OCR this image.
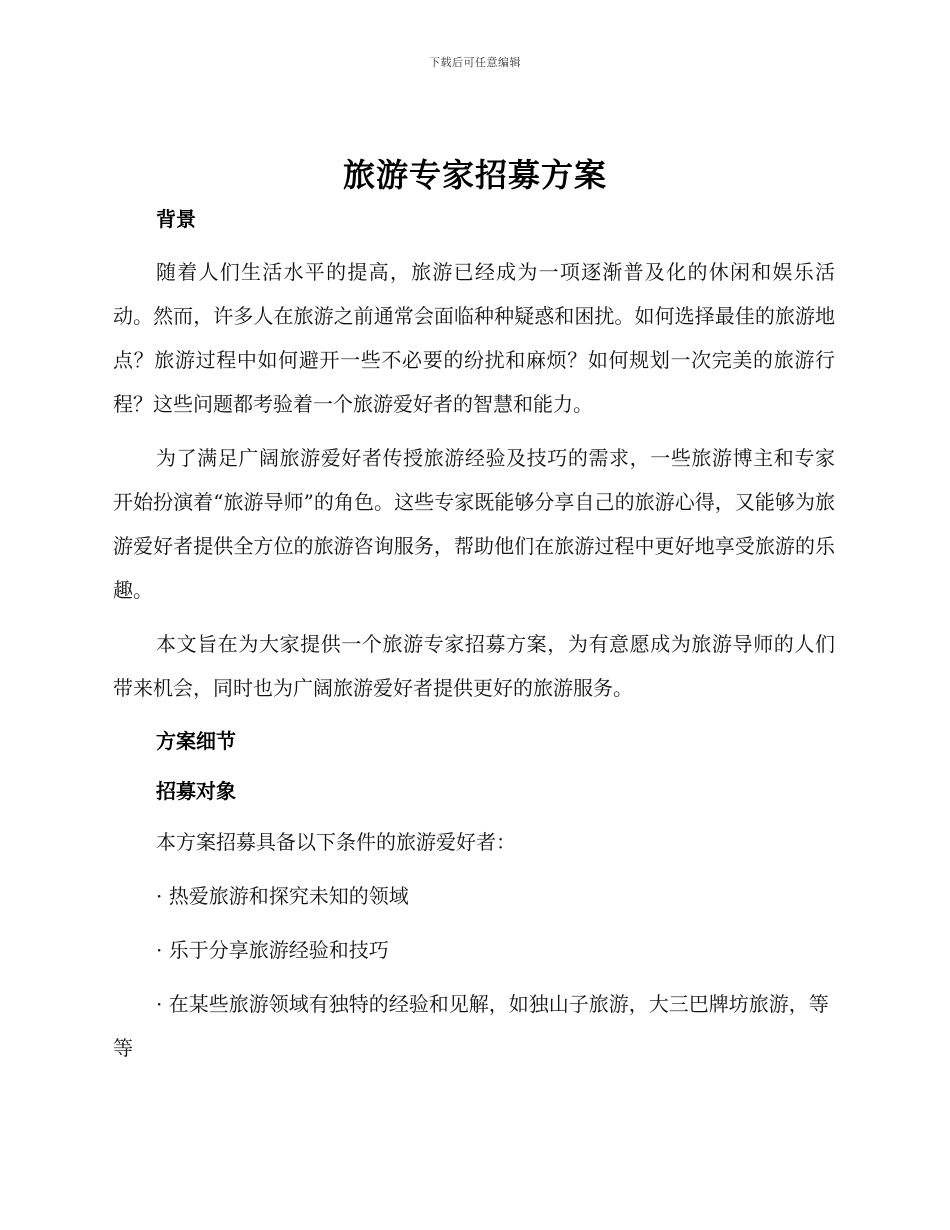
下载后可任意编辑
旅游专家招募方案

背景

随着人们生活水平的提高，旅游已经成为一项逐渐普及化的休闲和娱乐活动。然而，许多人在旅游之前通常会面临种种疑惑和困扰。如何选择最佳的旅游地点？旅游过程中如何避开一些不必要的纷扰和麻烦？如何规划一次完美的旅游行程？这些问题都考验着一个旅游爱好者的智慧和能力。

为了满足广阔旅游爱好者传授旅游经验及技巧的需求，一些旅游博主和专家开始扮演着“旅游导师”的角色。这些专家既能够分享自己的旅游心得，又能够为旅游爱好者提供全方位的旅游咨询服务，帮助他们在旅游过程中更好地享受旅游的乐趣。

本文旨在为大家提供一个旅游专家招募方案，为有意愿成为旅游导师的人们带来机会，同时也为广阔旅游爱好者提供更好的旅游服务。

方案细节

招募对象

本方案招募具备以下条件的旅游爱好者：

· 热爱旅游和探究未知的领域

· 乐于分享旅游经验和技巧

· 在某些旅游领域有独特的经验和见解，如独山子旅游，大三巴牌坊旅游，等等
